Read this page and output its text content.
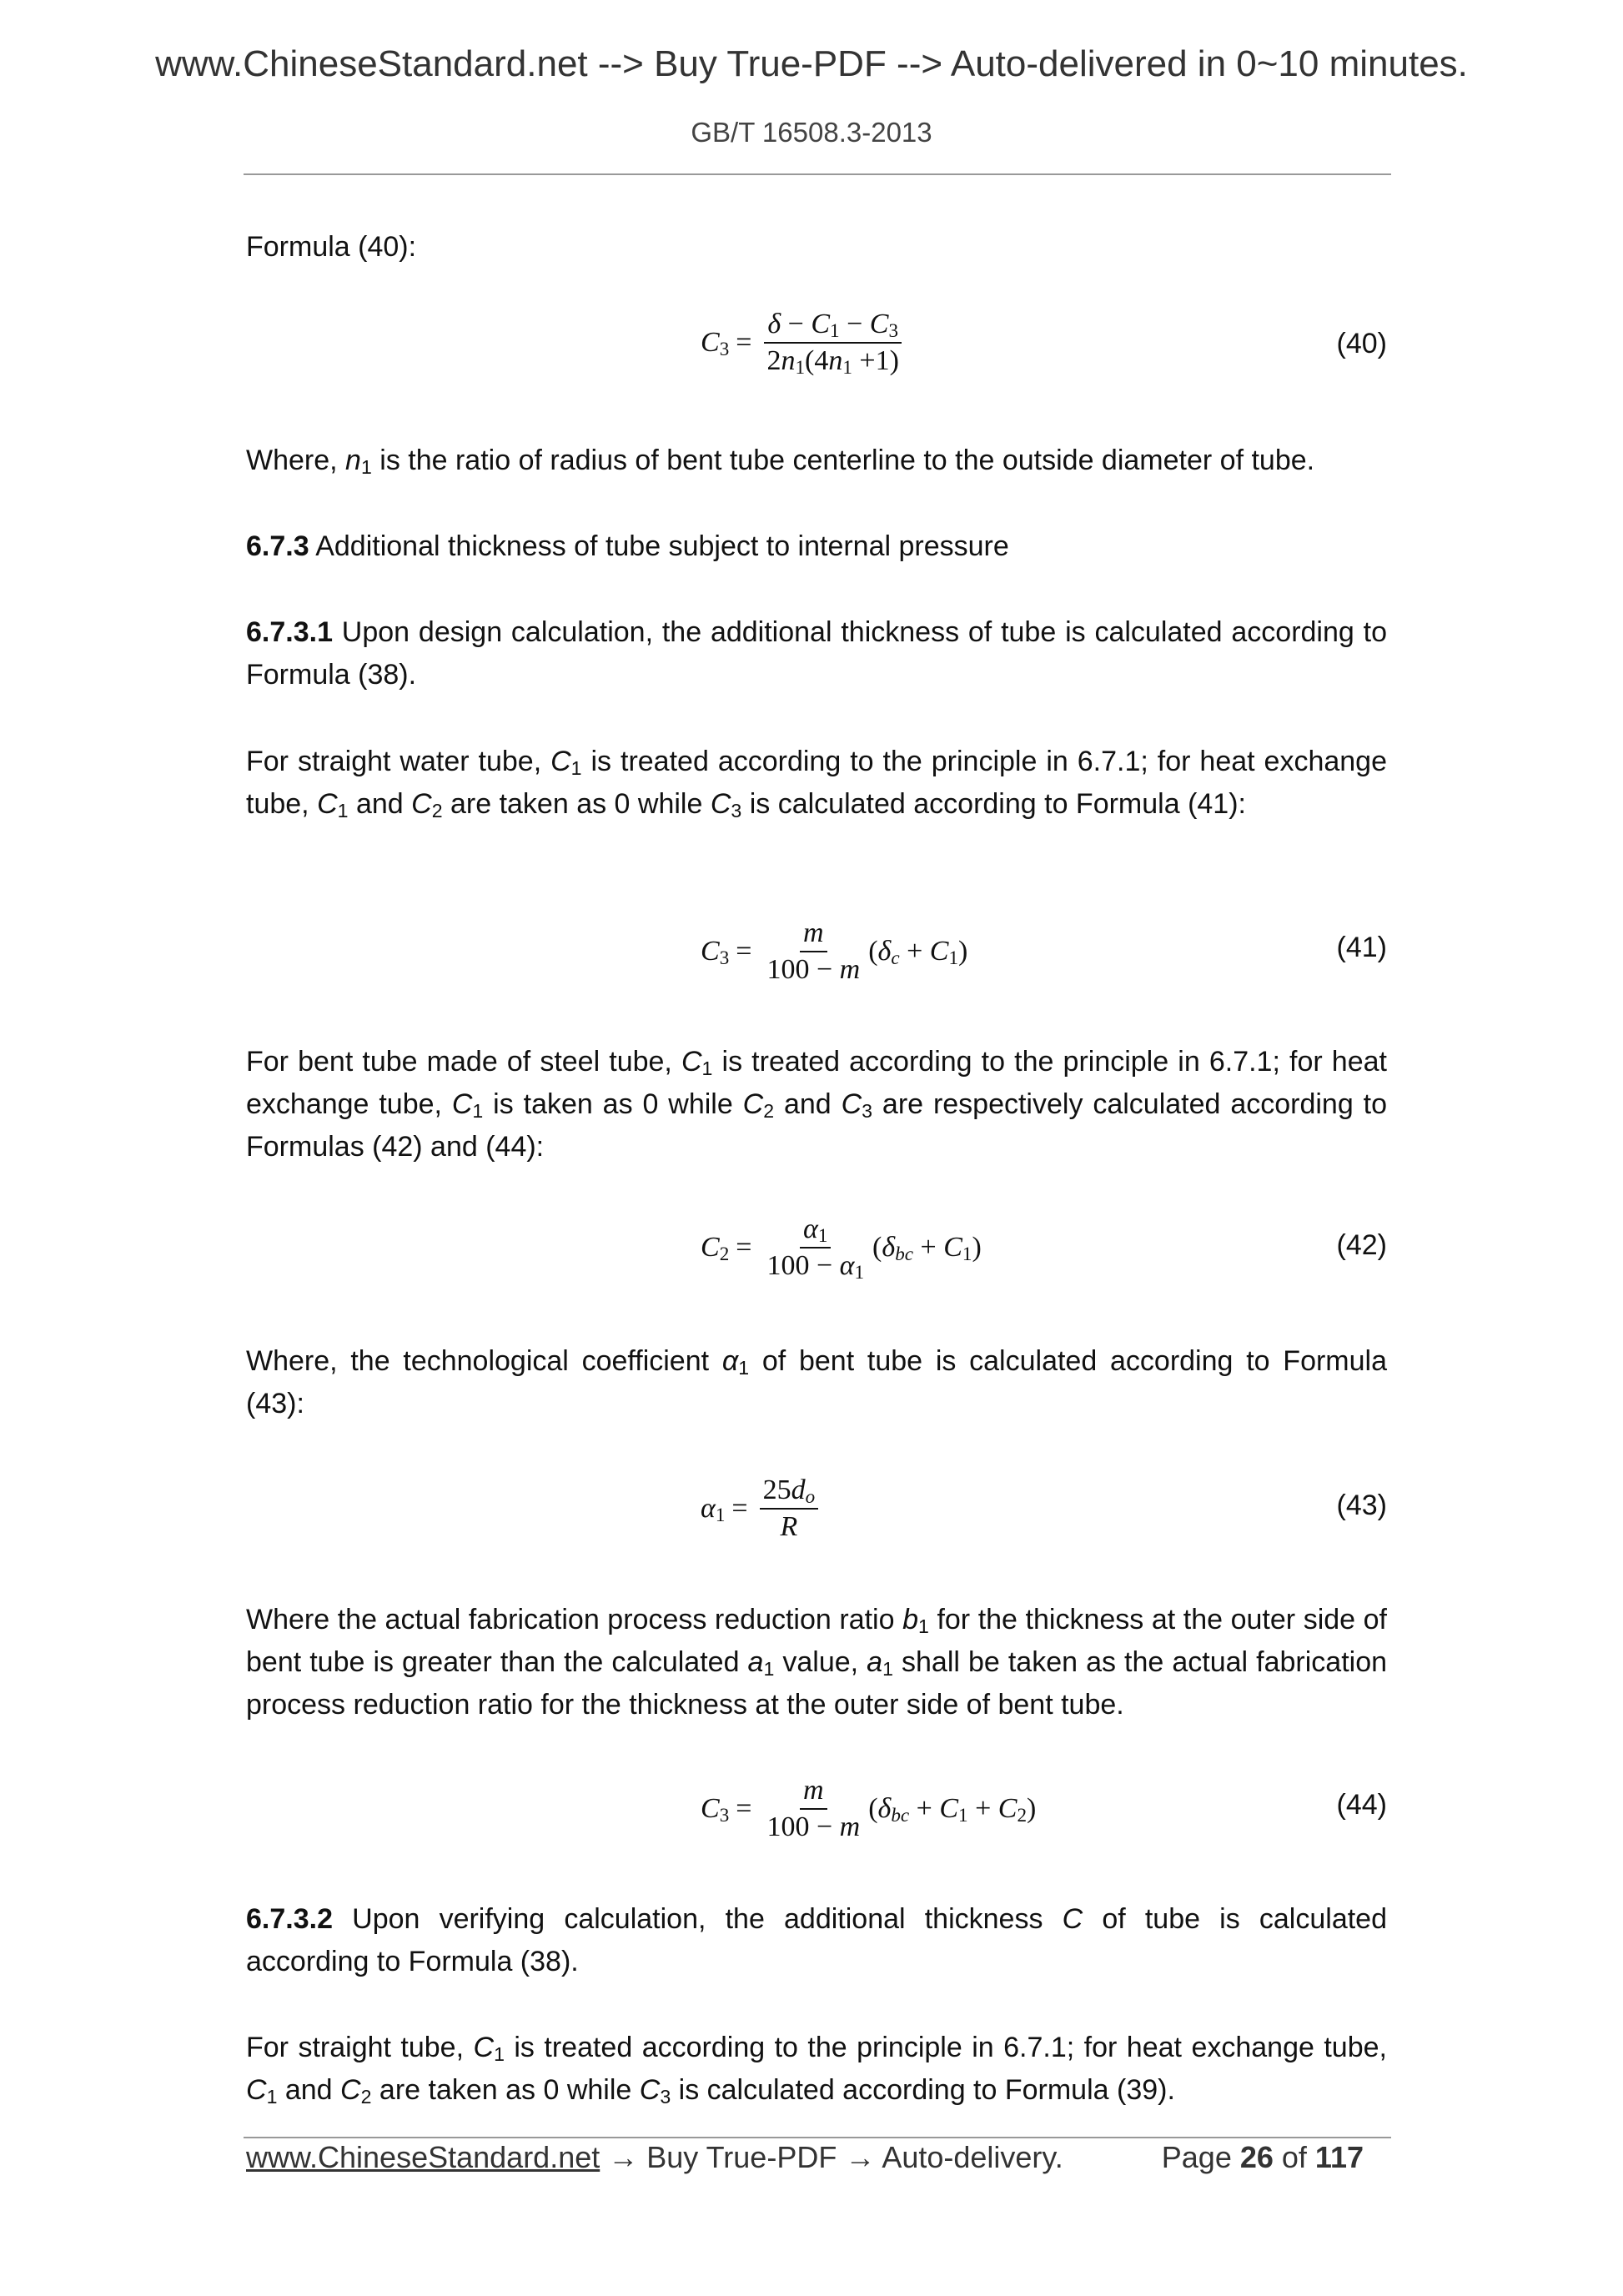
www.ChineseStandard.net --> Buy True-PDF --> Auto-delivered in 0~10 minutes.
GB/T 16508.3-2013
Formula (40):
$C_3 = \frac{\delta - C_1 - C_3}{2n_1(4n_1 +1)}$	(40)
Where, $n_1$ is the ratio of radius of bent tube centerline to the outside diameter of tube.
6.7.3 Additional thickness of tube subject to internal pressure
6.7.3.1 Upon design calculation, the additional thickness of tube is calculated according to Formula (38).
For straight water tube, $C_1$ is treated according to the principle in 6.7.1; for heat exchange tube, $C_1$ and $C_2$ are taken as 0 while $C_3$ is calculated according to Formula (41):
$C_3 = \frac{m}{100 - m} (\delta_c + C_1)$	(41)
For bent tube made of steel tube, $C_1$ is treated according to the principle in 6.7.1; for heat exchange tube, $C_1$ is taken as 0 while $C_2$ and $C_3$ are respectively calculated according to Formulas (42) and (44):
$C_2 = \frac{\alpha_1}{100 - \alpha_1} (\delta_{bc} + C_1)$	(42)
Where, the technological coefficient $\alpha_1$ of bent tube is calculated according to Formula (43):
$\alpha_1 = \frac{25d_o}{R}$	(43)
Where the actual fabrication process reduction ratio $b_1$ for the thickness at the outer side of bent tube is greater than the calculated $a_1$ value, $a_1$ shall be taken as the actual fabrication process reduction ratio for the thickness at the outer side of bent tube.
$C_3 = \frac{m}{100 - m} (\delta_{bc} + C_1 + C_2)$	(44)
6.7.3.2 Upon verifying calculation, the additional thickness C of tube is calculated according to Formula (38).
For straight tube, $C_1$ is treated according to the principle in 6.7.1; for heat exchange tube, $C_1$ and $C_2$ are taken as 0 while $C_3$ is calculated according to Formula (39).
www.ChineseStandard.net → Buy True-PDF → Auto-delivery.	Page 26 of 117
